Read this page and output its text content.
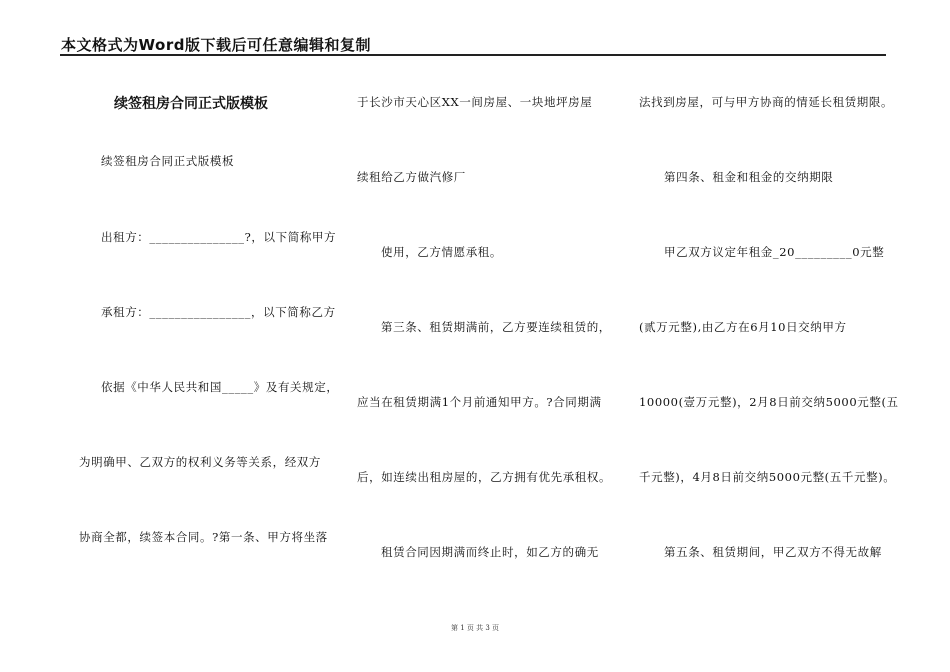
本文格式为Word版下载后可任意编辑和复制
续签租房合同正式版模板
续签租房合同正式版模板
出租方：_______________?，以下简称甲方
承租方：________________，以下简称乙方
依据《中华人民共和国_____》及有关规定，
为明确甲、乙双方的权利义务等关系，经双方
协商全都，续签本合同。?第一条、甲方将坐落
于长沙市天心区XX一间房屋、一块地坪房屋
续租给乙方做汽修厂
使用，乙方情愿承租。
第三条、租赁期满前，乙方要连续租赁的，
应当在租赁期满1个月前通知甲方。?合同期满
后，如连续出租房屋的，乙方拥有优先承租权。
租赁合同因期满而终止时，如乙方的确无
法找到房屋，可与甲方协商的情延长租赁期限。
第四条、租金和租金的交纳期限
甲乙双方议定年租金_20_________0元整
(贰万元整),由乙方在6月10日交纳甲方
10000(壹万元整)，2月8日前交纳5000元整(五
千元整)，4月8日前交纳5000元整(五千元整)。
第五条、租赁期间，甲乙双方不得无故解
第 1 页 共 3 页
